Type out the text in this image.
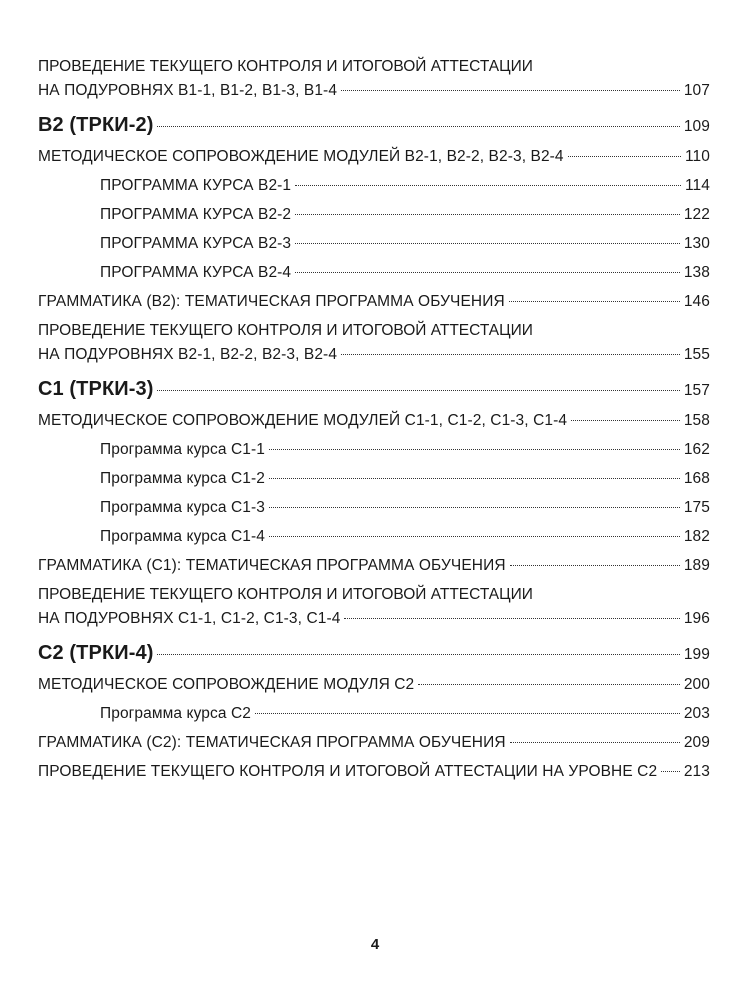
ПРОВЕДЕНИЕ ТЕКУЩЕГО КОНТРОЛЯ И ИТОГОВОЙ АТТЕСТАЦИИ
НА ПОДУРОВНЯХ В1-1, В1-2, В1-3, В1-4	107
В2 (ТРКИ-2)	109
МЕТОДИЧЕСКОЕ СОПРОВОЖДЕНИЕ МОДУЛЕЙ В2-1, В2-2, В2-3, В2-4	110
ПРОГРАММА КУРСА В2-1	114
ПРОГРАММА КУРСА В2-2	122
ПРОГРАММА КУРСА В2-3	130
ПРОГРАММА КУРСА В2-4	138
ГРАММАТИКА (В2): ТЕМАТИЧЕСКАЯ ПРОГРАММА ОБУЧЕНИЯ	146
ПРОВЕДЕНИЕ ТЕКУЩЕГО КОНТРОЛЯ И ИТОГОВОЙ АТТЕСТАЦИИ
НА ПОДУРОВНЯХ В2-1, В2-2, В2-3, В2-4	155
С1 (ТРКИ-3)	157
МЕТОДИЧЕСКОЕ СОПРОВОЖДЕНИЕ МОДУЛЕЙ С1-1, С1-2, С1-3, С1-4	158
Программа курса С1-1	162
Программа курса С1-2	168
Программа курса С1-3	175
Программа курса С1-4	182
ГРАММАТИКА (С1): ТЕМАТИЧЕСКАЯ ПРОГРАММА ОБУЧЕНИЯ	189
ПРОВЕДЕНИЕ ТЕКУЩЕГО КОНТРОЛЯ И ИТОГОВОЙ АТТЕСТАЦИИ
НА ПОДУРОВНЯХ С1-1, С1-2, С1-3, С1-4	196
С2 (ТРКИ-4)	199
МЕТОДИЧЕСКОЕ СОПРОВОЖДЕНИЕ МОДУЛЯ С2	200
Программа курса С2	203
ГРАММАТИКА (С2): ТЕМАТИЧЕСКАЯ ПРОГРАММА ОБУЧЕНИЯ	209
ПРОВЕДЕНИЕ ТЕКУЩЕГО КОНТРОЛЯ И ИТОГОВОЙ АТТЕСТАЦИИ НА УРОВНЕ С2 213
4
